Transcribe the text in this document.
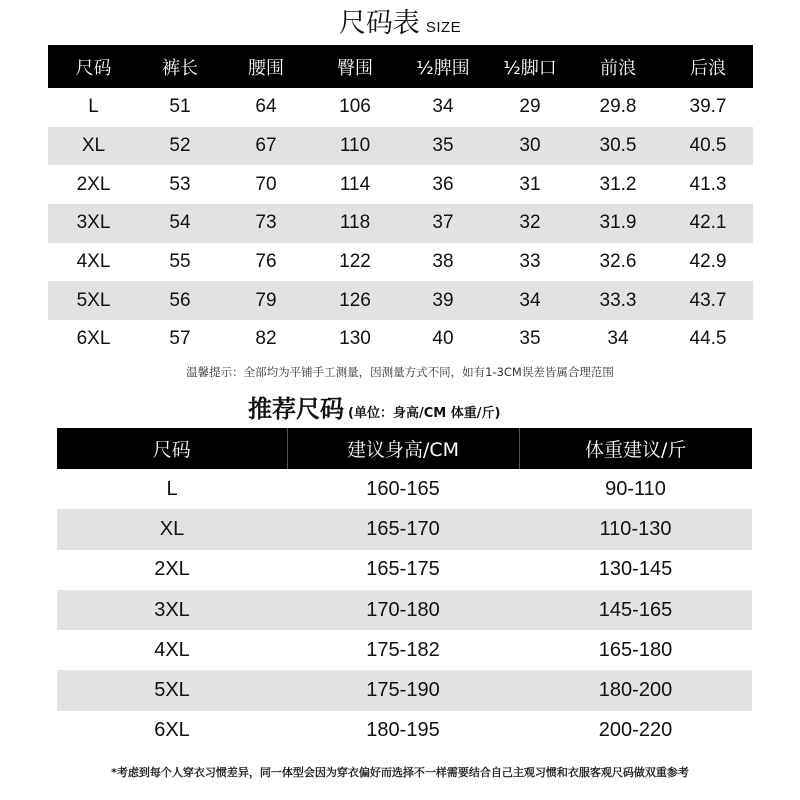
尺码表 SIZE
尺码	裤长	腰围	臀围	½脾围	½脚口	前浪	后浪
L	51	64	106	34	29	29.8	39.7
XL	52	67	110	35	30	30.5	40.5
2XL	53	70	114	36	31	31.2	41.3
3XL	54	73	118	37	32	31.9	42.1
4XL	55	76	122	38	33	32.6	42.9
5XL	56	79	126	39	34	33.3	43.7
6XL	57	82	130	40	35	34	44.5
温馨提示：全部均为平铺手工测量，因测量方式不同，如有1-3CM误差皆属合理范围
推荐尺码 (单位：身高/CM 体重/斤)
尺码	建议身高/CM	体重建议/斤
L	160-165	90-110
XL	165-170	110-130
2XL	165-175	130-145
3XL	170-180	145-165
4XL	175-182	165-180
5XL	175-190	180-200
6XL	180-195	200-220
*考虑到每个人穿衣习惯差异，同一体型会因为穿衣偏好而选择不一样需要结合自己主观习惯和衣服客观尺码做双重参考
